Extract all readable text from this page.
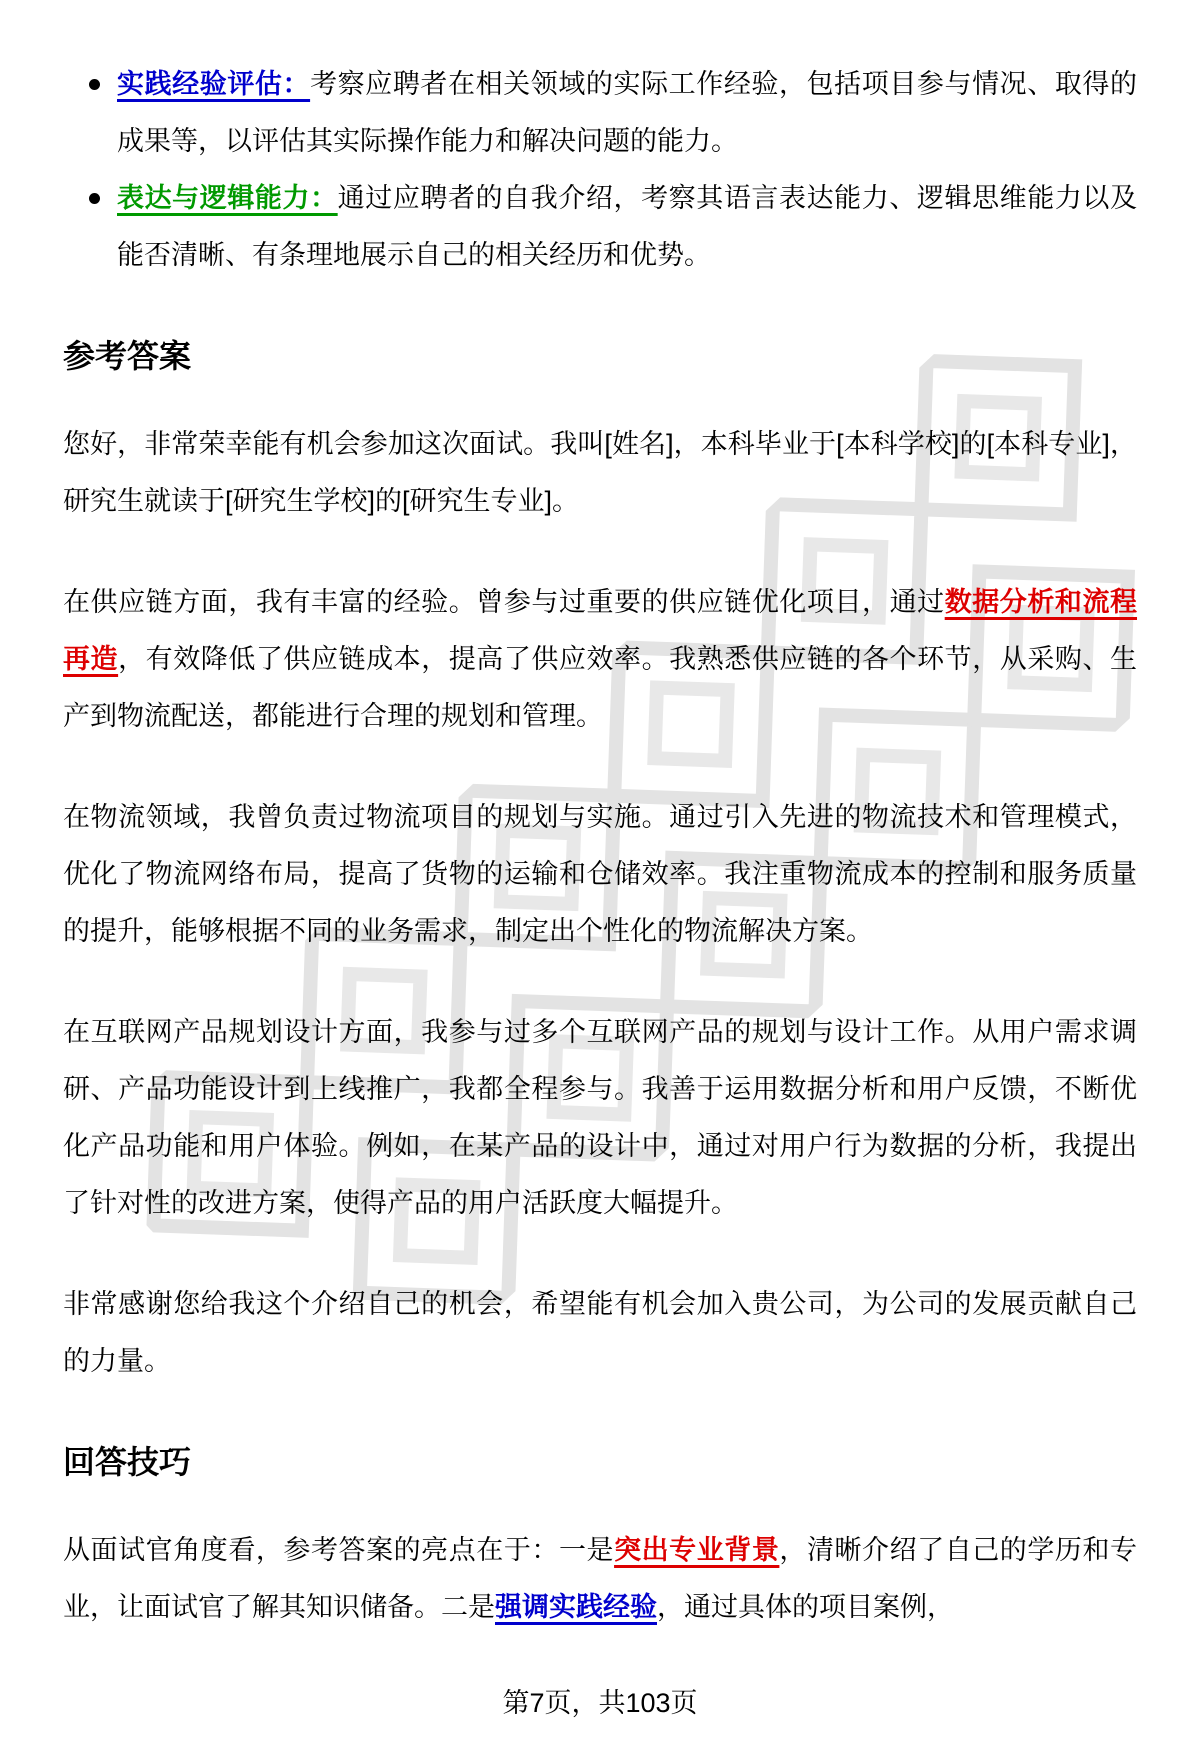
实践经验评估：考察应聘者在相关领域的实际工作经验，包括项目参与情况、取得的成果等，以评估其实际操作能力和解决问题的能力。
表达与逻辑能力：通过应聘者的自我介绍，考察其语言表达能力、逻辑思维能力以及能否清晰、有条理地展示自己的相关经历和优势。
参考答案

您好，非常荣幸能有机会参加这次面试。我叫[姓名]，本科毕业于[本科学校]的[本科专业]，研究生就读于[研究生学校]的[研究生专业]。

在供应链方面，我有丰富的经验。曾参与过重要的供应链优化项目，通过数据分析和流程再造，有效降低了供应链成本，提高了供应效率。我熟悉供应链的各个环节，从采购、生产到物流配送，都能进行合理的规划和管理。

在物流领域，我曾负责过物流项目的规划与实施。通过引入先进的物流技术和管理模式，优化了物流网络布局，提高了货物的运输和仓储效率。我注重物流成本的控制和服务质量的提升，能够根据不同的业务需求，制定出个性化的物流解决方案。

在互联网产品规划设计方面，我参与过多个互联网产品的规划与设计工作。从用户需求调研、产品功能设计到上线推广，我都全程参与。我善于运用数据分析和用户反馈，不断优化产品功能和用户体验。例如，在某产品的设计中，通过对用户行为数据的分析，我提出了针对性的改进方案，使得产品的用户活跃度大幅提升。

非常感谢您给我这个介绍自己的机会，希望能有机会加入贵公司，为公司的发展贡献自己的力量。

回答技巧

从面试官角度看，参考答案的亮点在于：一是突出专业背景，清晰介绍了自己的学历和专业，让面试官了解其知识储备。二是强调实践经验，通过具体的项目案例，

第7页，共103页
